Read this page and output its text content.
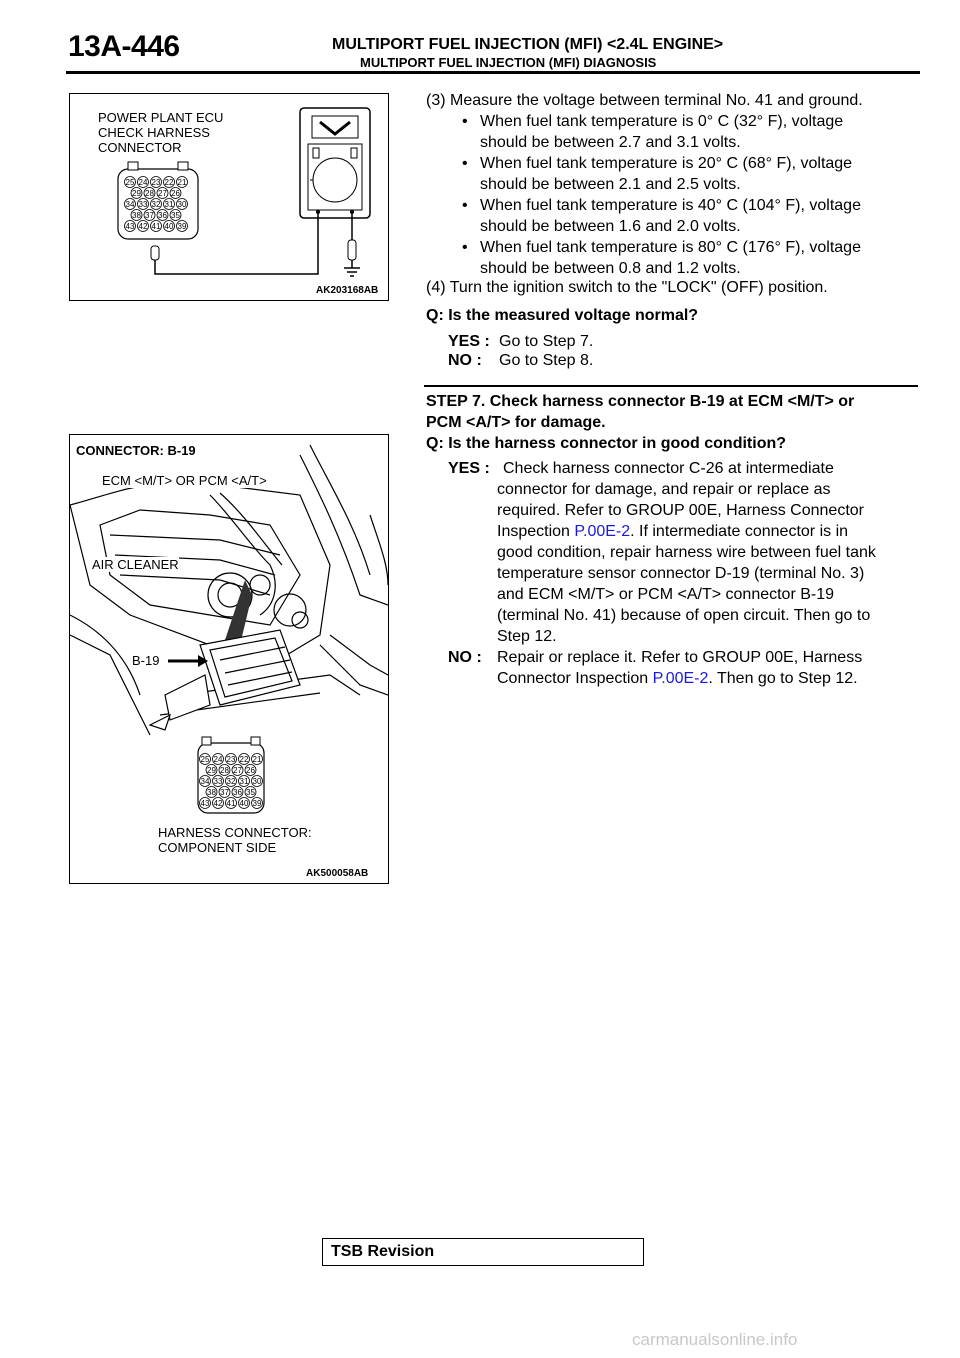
13A-446	MULTIPORT FUEL INJECTION (MFI) <2.4L ENGINE>
MULTIPORT FUEL INJECTION (MFI) DIAGNOSIS
POWER PLANT ECU
CHECK HARNESS
CONNECTOR
25 24 23 22 21
29 28 27 26
34 33 32 31 30
38 37 36 35
43 42 41 40 39
AK203168AB
25 24 23 22 21
29 28 27 26
34 33 32 31 30
38 37 36 35
43 42 41 40 39
CONNECTOR: B-19
ECM <M/T> OR PCM <A/T>
AIR CLEANER
B-19
HARNESS CONNECTOR:
COMPONENT SIDE
AK500058AB
(3) Measure the voltage between terminal No. 41 and ground.
• When fuel tank temperature is 0° C (32° F), voltage
should be between 2.7 and 3.1 volts.
• When fuel tank temperature is 20° C (68° F), voltage
should be between 2.1 and 2.5 volts.
• When fuel tank temperature is 40° C (104° F), voltage
should be between 1.6 and 2.0 volts.
• When fuel tank temperature is 80° C (176° F), voltage
should be between 0.8 and 1.2 volts.
(4) Turn the ignition switch to the "LOCK" (OFF) position.
Q: Is the measured voltage normal?
YES : Go to Step 7.
NO : Go to Step 8.
STEP 7. Check harness connector B-19 at ECM <M/T> or
PCM <A/T> for damage.
Q: Is the harness connector in good condition?
YES : Check harness connector C-26 at intermediate
connector for damage, and repair or replace as
required. Refer to GROUP 00E, Harness Connector
Inspection P.00E-2. If intermediate connector is in
good condition, repair harness wire between fuel tank
temperature sensor connector D-19 (terminal No. 3)
and ECM <M/T> or PCM <A/T> connector B-19
(terminal No. 41) because of open circuit. Then go to
Step 12.
NO : Repair or replace it. Refer to GROUP 00E, Harness
Connector Inspection P.00E-2. Then go to Step 12.
TSB Revision
carmanualsonline.info
